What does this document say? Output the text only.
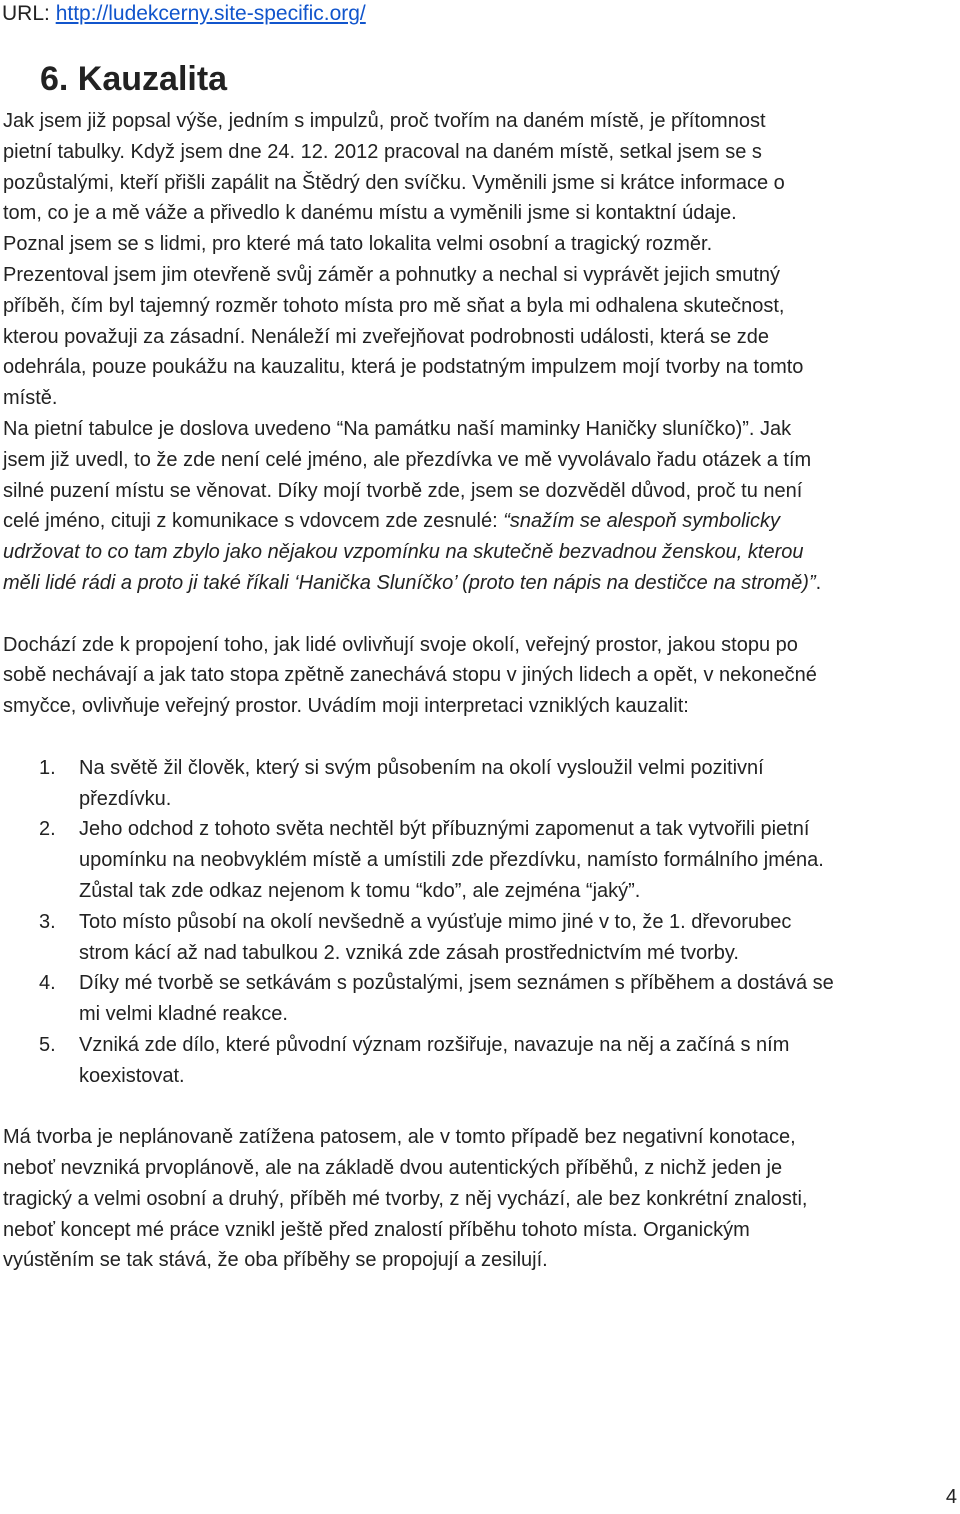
URL: http://ludekcerny.site-specific.org/
6. Kauzalita
Jak jsem již popsal výše, jedním s impulzů, proč tvořím na daném místě, je přítomnost
pietní tabulky. Když jsem dne 24. 12. 2012 pracoval na daném místě, setkal jsem se s
pozůstalými, kteří přišli zapálit na Štědrý den svíčku. Vyměnili jsme si krátce informace o
tom, co je a mě váže a přivedlo k danému místu a vyměnili jsme si kontaktní údaje.
Poznal jsem se s lidmi, pro které má tato lokalita velmi osobní a tragický rozměr.
Prezentoval jsem jim otevřeně svůj záměr a pohnutky a nechal si vyprávět jejich smutný
příběh, čím byl tajemný rozměr tohoto místa pro mě sňat a byla mi odhalena skutečnost,
kterou považuji za zásadní. Nenáleží mi zveřejňovat podrobnosti události, která se zde
odehrála, pouze poukážu na kauzalitu, která je podstatným impulzem mojí tvorby na tomto
místě.
Na pietní tabulce je doslova uvedeno “Na památku naší maminky Haničky sluníčko)”. Jak
jsem již uvedl, to že zde není celé jméno, ale přezdívka ve mě vyvolávalo řadu otázek a tím
silné puzení místu se věnovat. Díky mojí tvorbě zde, jsem se dozvěděl důvod, proč tu není
celé jméno, cituji z komunikace s vdovcem zde zesnulé: “snažím se alespoň symbolicky
udržovat to co tam zbylo jako nějakou vzpomínku na skutečně bezvadnou ženskou, kterou
měli lidé rádi a proto ji také říkali ‘Hanička Sluníčko’ (proto ten nápis na destičce na stromě)”.
Dochází zde k propojení toho, jak lidé ovlivňují svoje okolí, veřejný prostor, jakou stopu po
sobě nechávají a jak tato stopa zpětně zanechává stopu v jiných lidech a opět, v nekonečné
smyčce, ovlivňuje veřejný prostor. Uvádím moji interpretaci vzniklých kauzalit:
1. Na světě žil člověk, který si svým působením na okolí vysloužil velmi pozitivní
přezdívku.
2. Jeho odchod z tohoto světa nechtěl být příbuznými zapomenut a tak vytvořili pietní
upomínku na neobvyklém místě a umístili zde přezdívku, namísto formálního jména.
Zůstal tak zde odkaz nejenom k tomu “kdo”, ale zejména “jaký”.
3. Toto místo působí na okolí nevšedně a vyúsťuje mimo jiné v to, že 1. dřevorubec
strom kácí až nad tabulkou 2. vzniká zde zásah prostřednictvím mé tvorby.
4. Díky mé tvorbě se setkávám s pozůstalými, jsem seznámen s příběhem a dostává se
mi velmi kladné reakce.
5. Vzniká zde dílo, které původní význam rozšiřuje, navazuje na něj a začíná s ním
koexistovat.
Má tvorba je neplánovaně zatížena patosem, ale v tomto případě bez negativní konotace,
neboť nevzniká prvoplánově, ale na základě dvou autentických příběhů, z nichž jeden je
tragický a velmi osobní a druhý, příběh mé tvorby, z něj vychází, ale bez konkrétní znalosti,
neboť koncept mé práce vznikl ještě před znalostí příběhu tohoto místa. Organickým
vyústěním se tak stává, že oba příběhy se propojují a zesilují.
4
